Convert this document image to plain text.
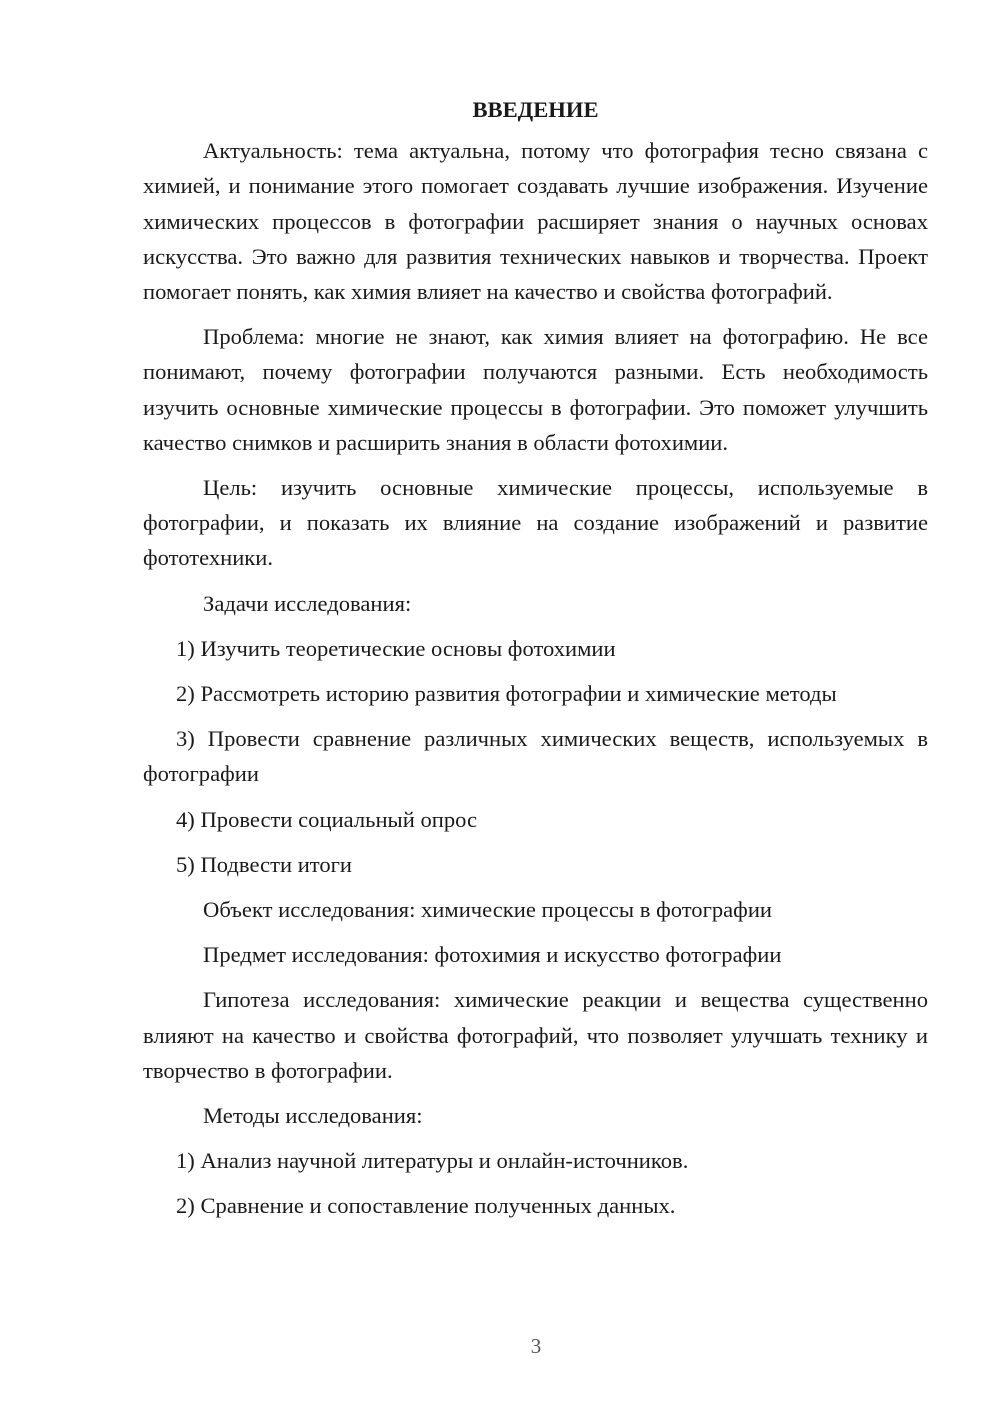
ВВЕДЕНИЕ

Актуальность: тема актуальна, потому что фотография тесно связана с химией, и понимание этого помогает создавать лучшие изображения. Изучение химических процессов в фотографии расширяет знания о научных основах искусства. Это важно для развития технических навыков и творчества. Проект помогает понять, как химия влияет на качество и свойства фотографий.

Проблема: многие не знают, как химия влияет на фотографию. Не все понимают, почему фотографии получаются разными. Есть необходимость изучить основные химические процессы в фотографии. Это поможет улучшить качество снимков и расширить знания в области фотохимии.

Цель: изучить основные химические процессы, используемые в фотографии, и показать их влияние на создание изображений и развитие фототехники.

Задачи исследования:

1) Изучить теоретические основы фотохимии

2) Рассмотреть историю развития фотографии и химические методы

3) Провести сравнение различных химических веществ, используемых в фотографии

4) Провести социальный опрос

5) Подвести итоги

Объект исследования: химические процессы в фотографии

Предмет исследования: фотохимия и искусство фотографии

Гипотеза исследования: химические реакции и вещества существенно влияют на качество и свойства фотографий, что позволяет улучшать технику и творчество в фотографии.

Методы исследования:

1) Анализ научной литературы и онлайн-источников.

2) Сравнение и сопоставление полученных данных.

3
